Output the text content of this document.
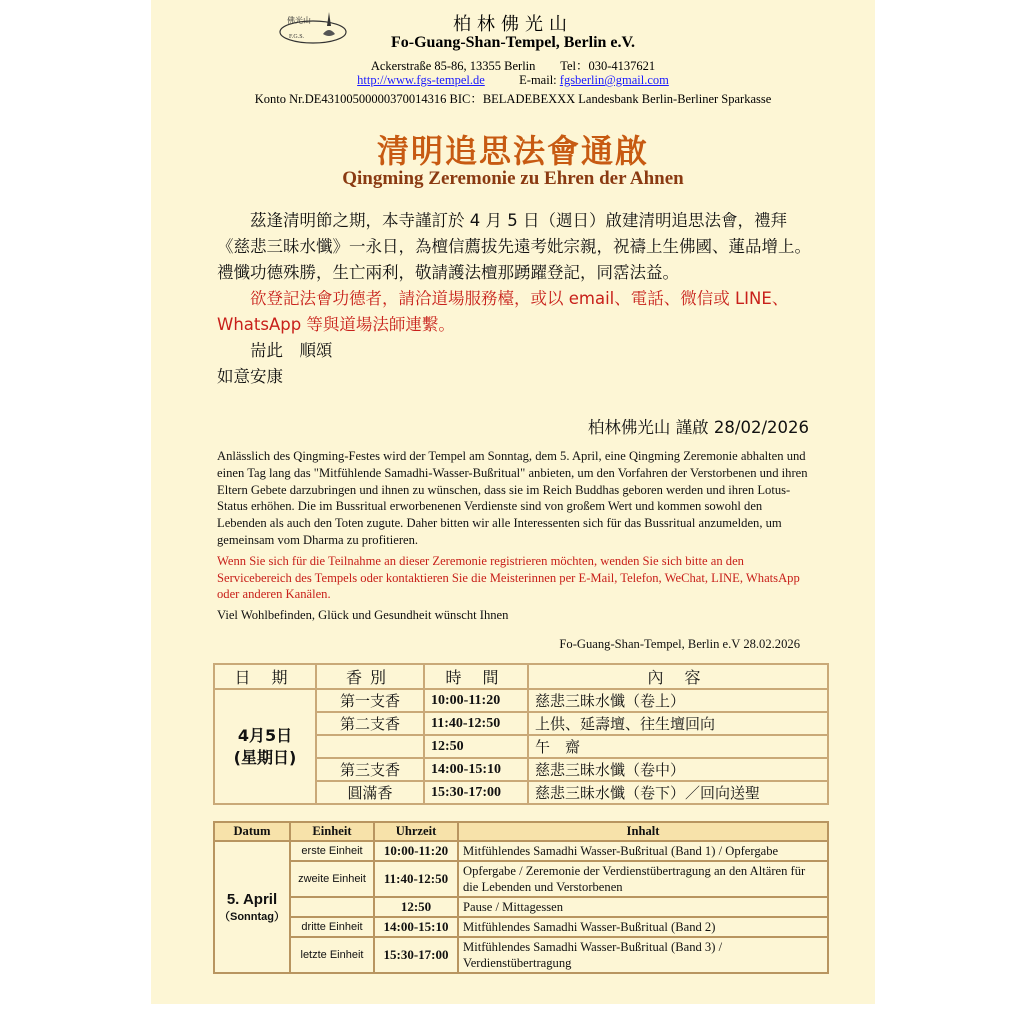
佛光山
F.G.S.
柏林佛光山
Fo-Guang-Shan-Tempel, Berlin e.V.
Ackerstraße 85-86, 13355 Berlin Tel：030-4137621
http://www.fgs-tempel.de	E-mail: fgsberlin@gmail.com
Konto Nr.DE43100500000370014316 BIC：BELADEBEXXX Landesbank Berlin-Berliner Sparkasse
清明追思法會通啟
Qingming Zeremonie zu Ehren der Ahnen

茲逢清明節之期，本寺謹訂於 4 月 5 日（週日）啟建清明追思法會，禮拜《慈悲三昧水懺》一永日，為檀信薦拔先遠考妣宗親，祝禱上生佛國、蓮品增上。禮懺功德殊勝，生亡兩利，敬請護法檀那踴躍登記，同霑法益。

欲登記法會功德者，請洽道場服務檯，或以 email、電話、微信或 LINE、WhatsApp 等與道場法師連繫。

耑此　順頌

如意安康

柏林佛光山 謹啟 28/02/2026

Anlässlich des Qingming-Festes wird der Tempel am Sonntag, dem 5. April, eine Qingming Zeremonie abhalten und einen Tag lang das "Mitfühlende Samadhi-Wasser-Bußritual" anbieten, um den Vorfahren der Verstorbenen und ihren Eltern Gebete darzubringen und ihnen zu wünschen, dass sie im Reich Buddhas geboren werden und ihren Lotus-Status erhöhen. Die im Bussritual erworbenenen Verdienste sind von großem Wert und kommen sowohl den Lebenden als auch den Toten zugute. Daher bitten wir alle Interessenten sich für das Bussritual anzumelden, um gemeinsam vom Dharma zu profitieren.

Wenn Sie sich für die Teilnahme an dieser Zeremonie registrieren möchten, wenden Sie sich bitte an den Servicebereich des Tempels oder kontaktieren Sie die Meisterinnen per E-Mail, Telefon, WeChat, LINE, WhatsApp oder anderen Kanälen.

Viel Wohlbefinden, Glück und Gesundheit wünscht Ihnen

Fo-Guang-Shan-Tempel, Berlin e.V 28.02.2026
日 期	香別	時 間	內 容

4月5日
(星期日)	第一支香	10:00-11:20	慈悲三昧水懺（卷上）
	第二支香	11:40-12:50	上供、延壽壇、往生壇回向
		12:50	午　齋
	第三支香	14:00-15:10	慈悲三昧水懺（卷中）
	圓滿香	15:30-17:00	慈悲三昧水懺（卷下）／回向送聖
Datum	Einheit	Uhrzeit	Inhalt

5. April
（Sonntag）	erste Einheit	10:00-11:20	Mitfühlendes Samadhi Wasser-Bußritual (Band 1) / Opfergabe
	zweite Einheit	11:40-12:50	Opfergabe / Zeremonie der Verdienstübertragung an den Altären für die Lebenden und Verstorbenen
		12:50	Pause / Mittagessen
	dritte Einheit	14:00-15:10	Mitfühlendes Samadhi Wasser-Bußritual (Band 2)
	letzte Einheit	15:30-17:00	Mitfühlendes Samadhi Wasser-Bußritual (Band 3) / Verdienstübertragung
